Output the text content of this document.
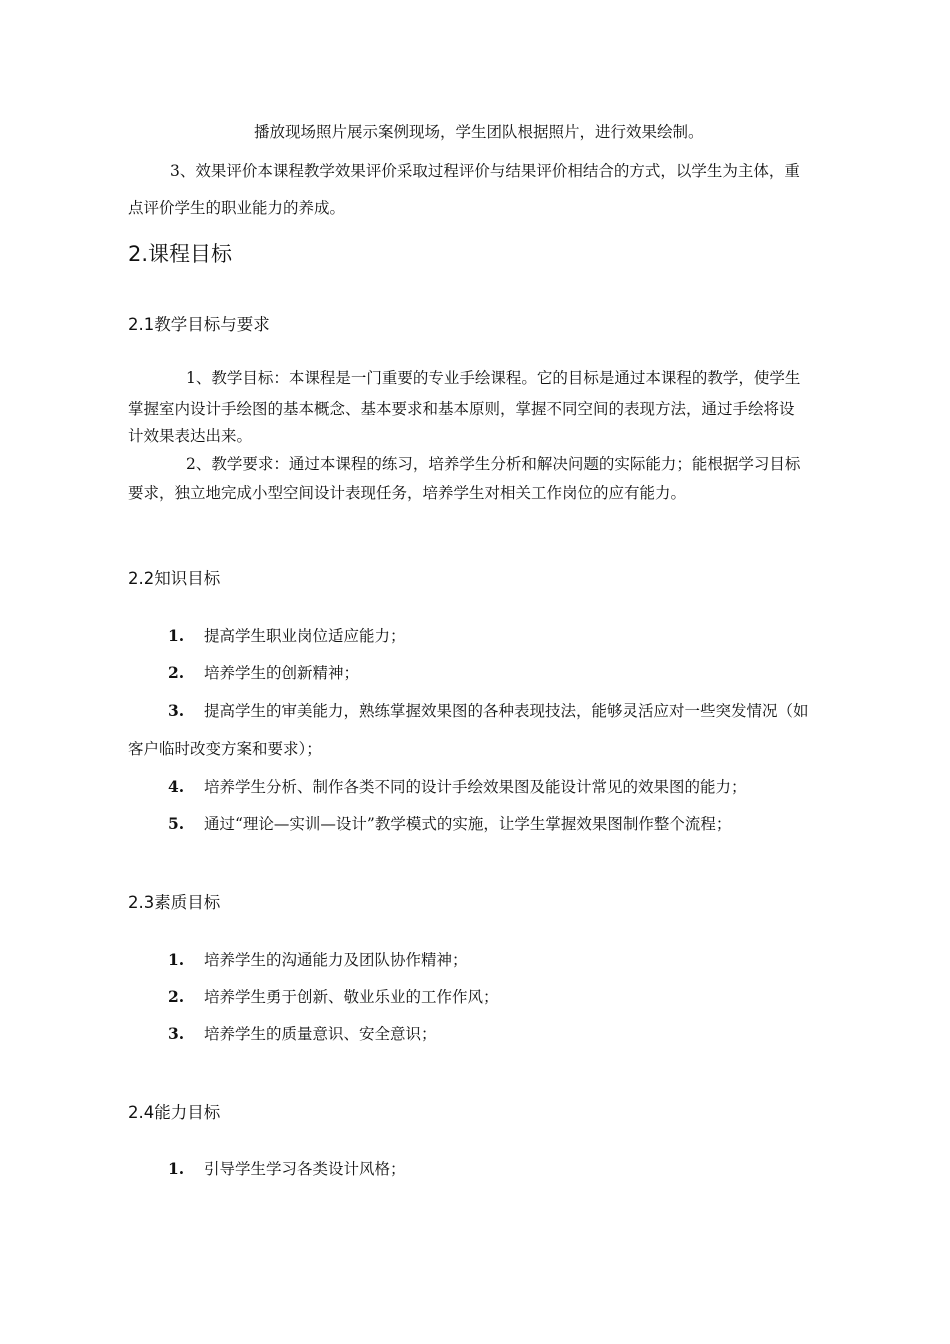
播放现场照片展示案例现场，学生团队根据照片，进行效果绘制。
3、效果评价本课程教学效果评价采取过程评价与结果评价相结合的方式，以学生为主体，重
点评价学生的职业能力的养成。
2.课程目标
2.1教学目标与要求
1、教学目标：本课程是一门重要的专业手绘课程。它的目标是通过本课程的教学，使学生
掌握室内设计手绘图的基本概念、基本要求和基本原则，掌握不同空间的表现方法，通过手绘将设
计效果表达出来。
2、教学要求：通过本课程的练习，培养学生分析和解决问题的实际能力；能根据学习目标
要求，独立地完成小型空间设计表现任务，培养学生对相关工作岗位的应有能力。
2.2知识目标
1. 提高学生职业岗位适应能力；
2. 培养学生的创新精神；
3. 提高学生的审美能力，熟练掌握效果图的各种表现技法，能够灵活应对一些突发情况（如
客户临时改变方案和要求）；
4. 培养学生分析、制作各类不同的设计手绘效果图及能设计常见的效果图的能力；
5. 通过“理论—实训—设计”教学模式的实施，让学生掌握效果图制作整个流程；
2.3素质目标
1. 培养学生的沟通能力及团队协作精神；
2. 培养学生勇于创新、敬业乐业的工作作风；
3. 培养学生的质量意识、安全意识；
2.4能力目标
1. 引导学生学习各类设计风格；
